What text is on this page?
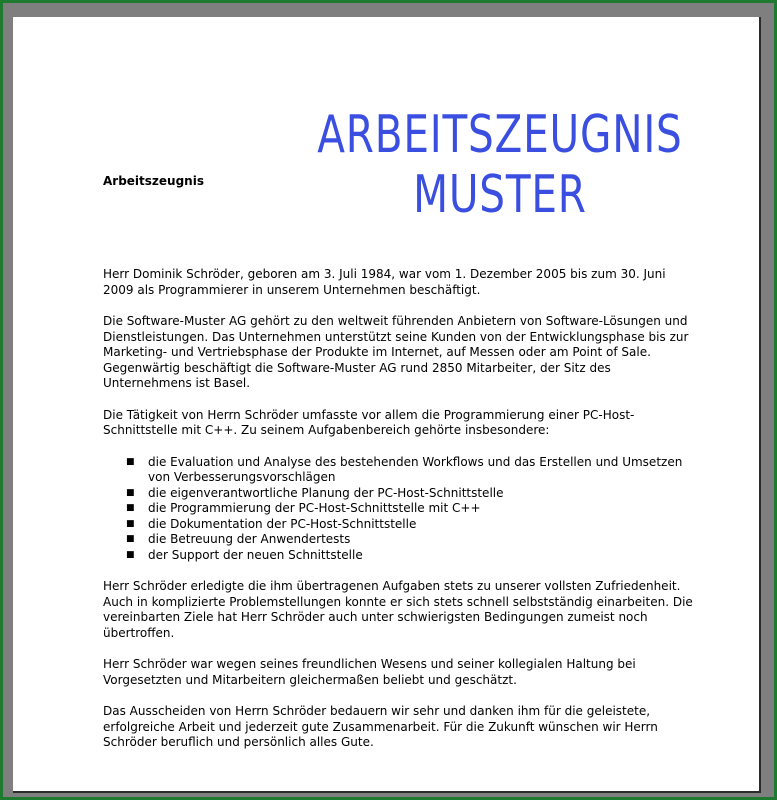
ARBEITSZEUGNIS
MUSTER
Arbeitszeugnis

Herr Dominik Schröder, geboren am 3. Juli 1984, war vom 1. Dezember 2005 bis zum 30. Juni 2009 als Programmierer in unserem Unternehmen beschäftigt.

Die Software-Muster AG gehört zu den weltweit führenden Anbietern von Software-Lösungen und Dienstleistungen. Das Unternehmen unterstützt seine Kunden von der Entwicklungsphase bis zur Marketing- und Vertriebsphase der Produkte im Internet, auf Messen oder am Point of Sale. Gegenwärtig beschäftigt die Software-Muster AG rund 2850 Mitarbeiter, der Sitz des Unternehmens ist Basel.

Die Tätigkeit von Herrn Schröder umfasste vor allem die Programmierung einer PC-Host-Schnittstelle mit C++. Zu seinem Aufgabenbereich gehörte insbesondere:

■ die Evaluation und Analyse des bestehenden Workflows und das Erstellen und Umsetzen von Verbesserungsvorschlägen
■ die eigenverantwortliche Planung der PC-Host-Schnittstelle
■ die Programmierung der PC-Host-Schnittstelle mit C++
■ die Dokumentation der PC-Host-Schnittstelle
■ die Betreuung der Anwendertests
■ der Support der neuen Schnittstelle

Herr Schröder erledigte die ihm übertragenen Aufgaben stets zu unserer vollsten Zufriedenheit. Auch in komplizierte Problemstellungen konnte er sich stets schnell selbstständig einarbeiten. Die vereinbarten Ziele hat Herr Schröder auch unter schwierigsten Bedingungen zumeist noch übertroffen.

Herr Schröder war wegen seines freundlichen Wesens und seiner kollegialen Haltung bei Vorgesetzten und Mitarbeitern gleichermaßen beliebt und geschätzt.

Das Ausscheiden von Herrn Schröder bedauern wir sehr und danken ihm für die geleistete, erfolgreiche Arbeit und jederzeit gute Zusammenarbeit. Für die Zukunft wünschen wir Herrn Schröder beruflich und persönlich alles Gute.
